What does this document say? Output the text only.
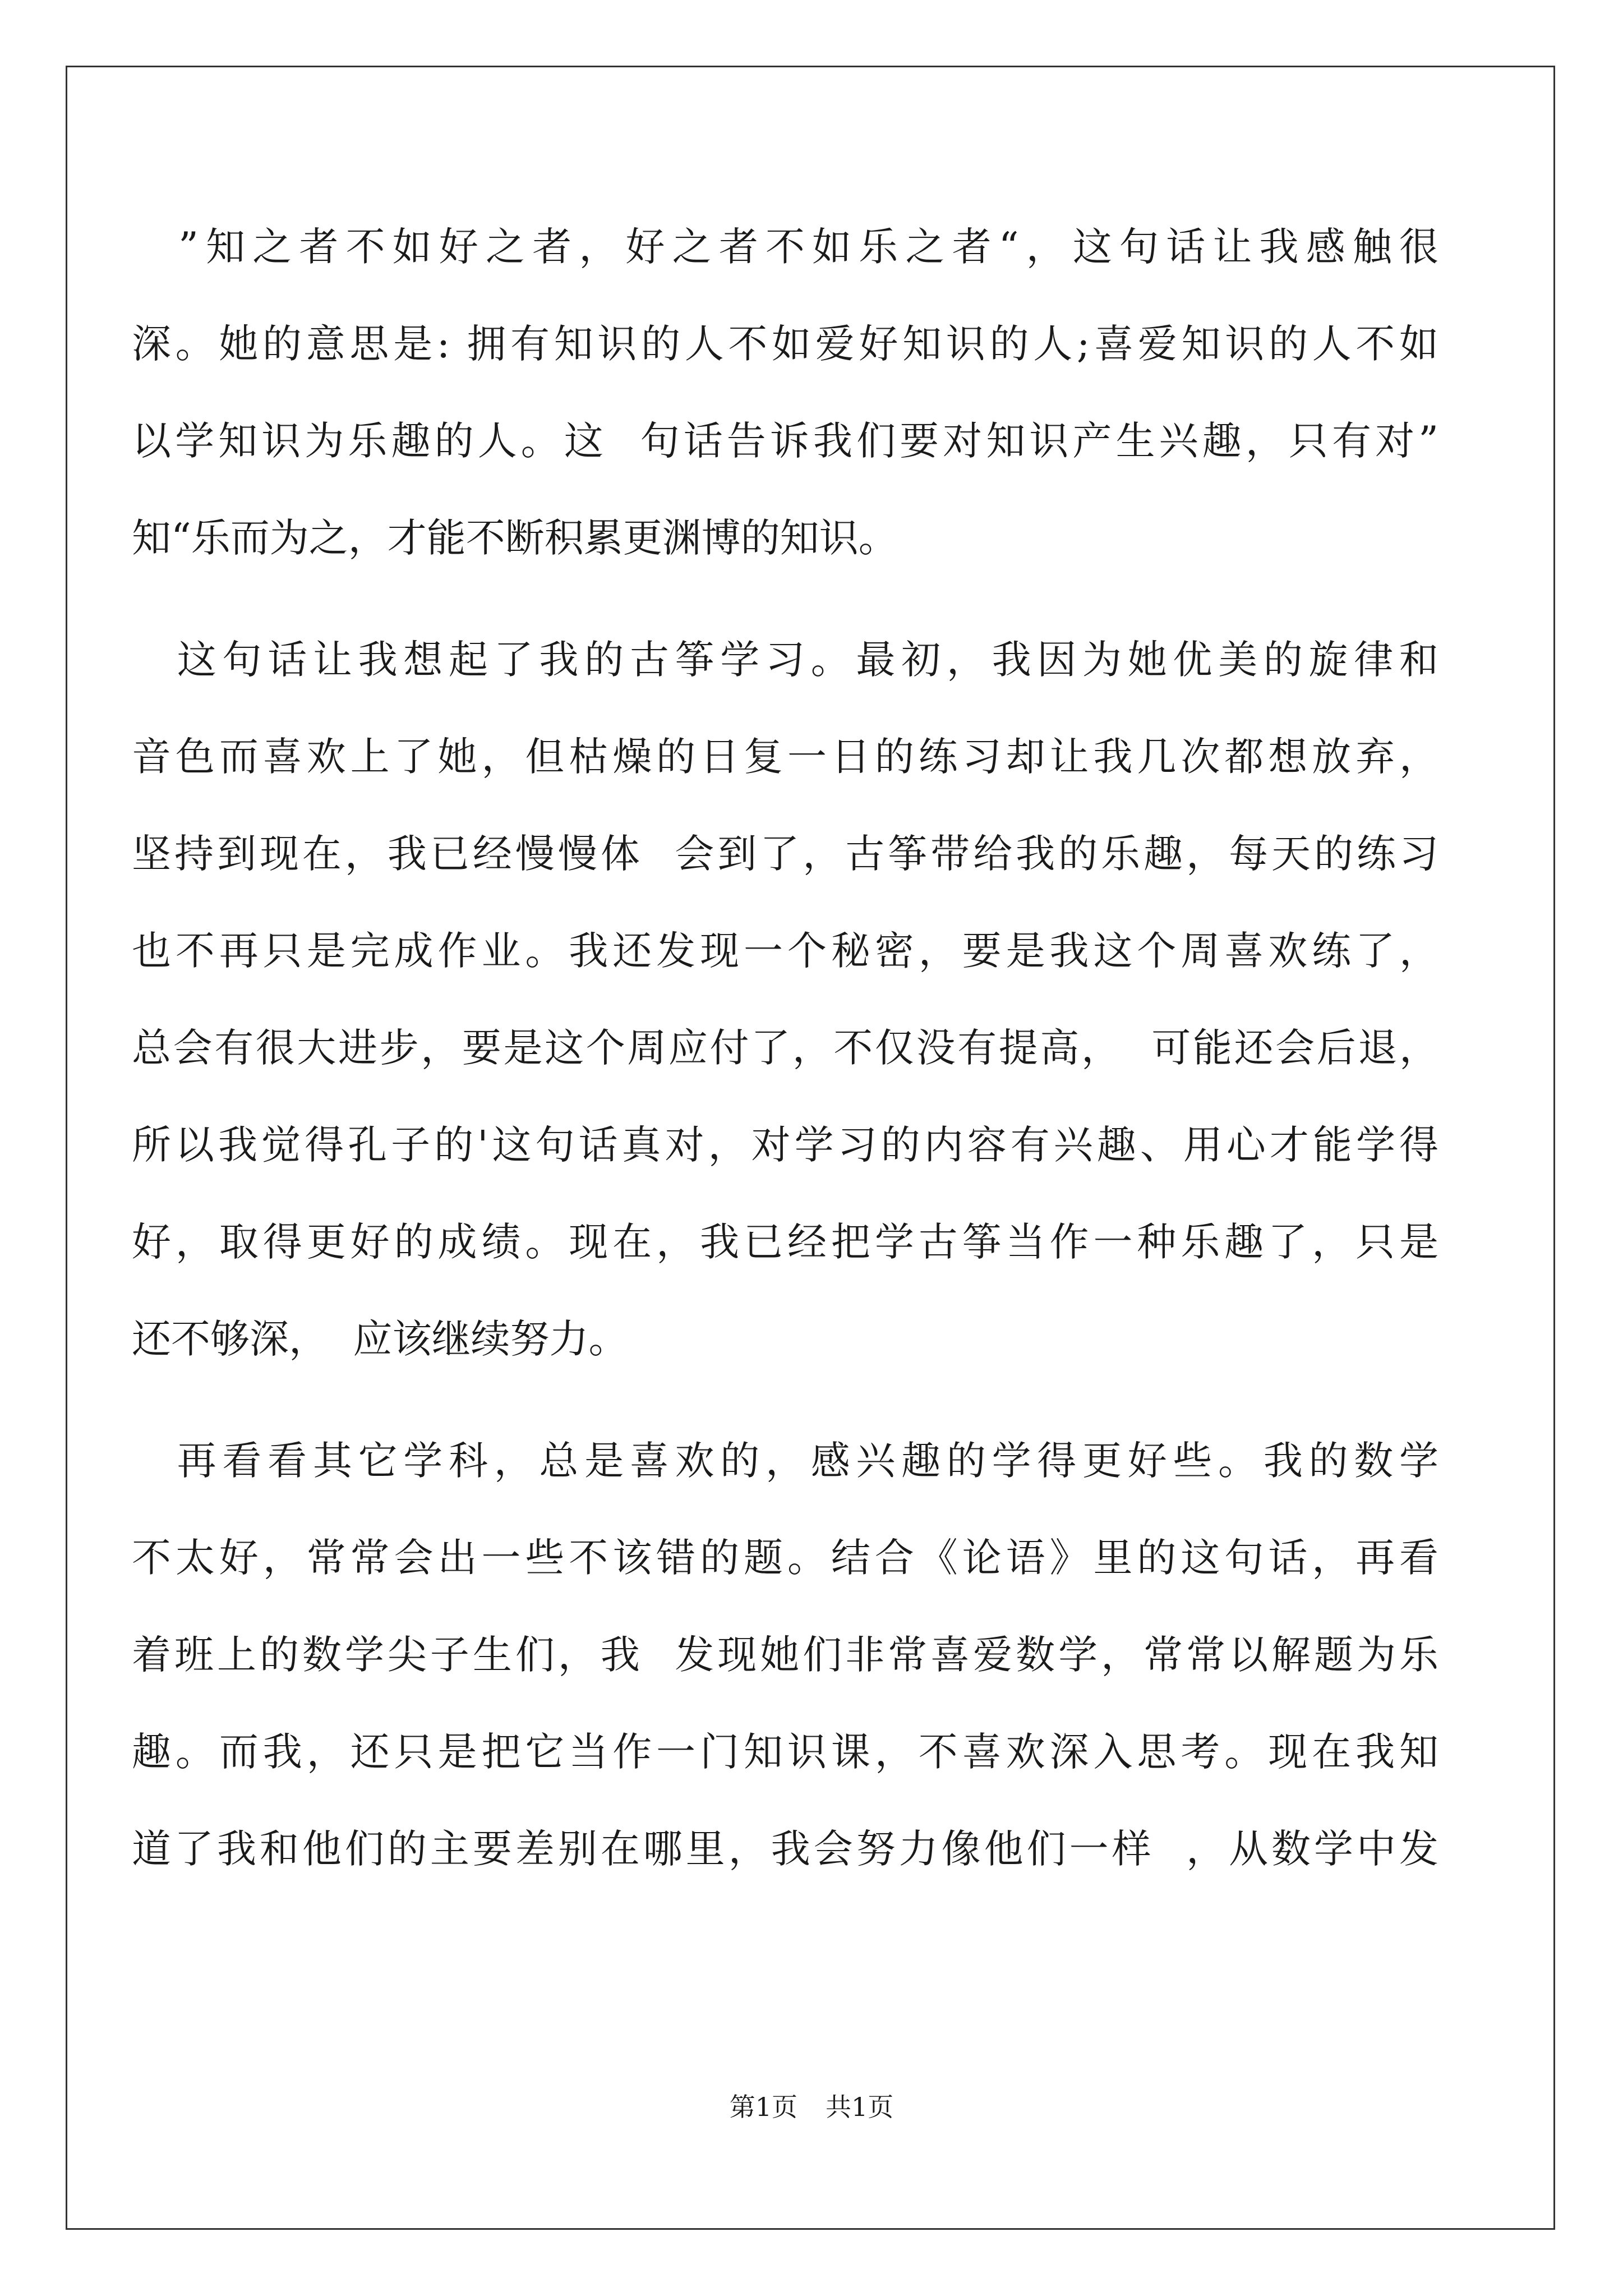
　”知之者不如好之者，好之者不如乐之者“，这句话让我感触很
深。她的意思是: 拥有知识的人不如爱好知识的人;喜爱知识的人不如
以学知识为乐趣的人。这  句话告诉我们要对知识产生兴趣，只有对”
知“乐而为之，才能不断积累更渊博的知识。
　这句话让我想起了我的古筝学习。最初，我因为她优美的旋律和
音色而喜欢上了她，但枯燥的日复一日的练习却让我几次都想放弃，
坚持到现在，我已经慢慢体  会到了，古筝带给我的乐趣，每天的练习
也不再只是完成作业。我还发现一个秘密，要是我这个周喜欢练了，
总会有很大进步，要是这个周应付了，不仅没有提高，  可能还会后退，
所以我觉得孔子的'这句话真对，对学习的内容有兴趣、用心才能学得
好，取得更好的成绩。现在，我已经把学古筝当作一种乐趣了，只是
还不够深，  应该继续努力。
　再看看其它学科，总是喜欢的，感兴趣的学得更好些。我的数学
不太好，常常会出一些不该错的题。结合《论语》里的这句话，再看
着班上的数学尖子生们，我  发现她们非常喜爱数学，常常以解题为乐
趣。而我，还只是把它当作一门知识课，不喜欢深入思考。现在我知
道了我和他们的主要差别在哪里，我会努力像他们一样  ，从数学中发
第1页 共1页
